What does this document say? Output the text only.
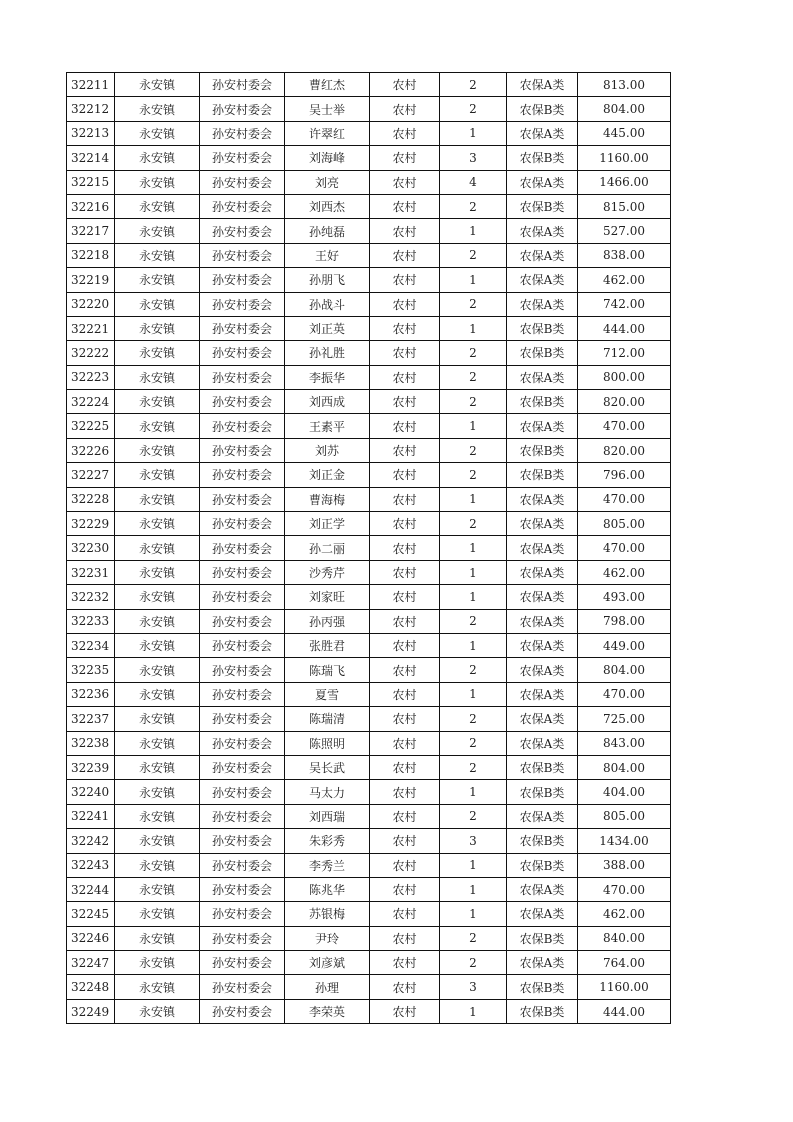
32211	永安镇	孙安村委会	曹红杰	农村	2	农保A类	813.00
32212	永安镇	孙安村委会	吴士举	农村	2	农保B类	804.00
32213	永安镇	孙安村委会	许翠红	农村	1	农保A类	445.00
32214	永安镇	孙安村委会	刘海峰	农村	3	农保B类	1160.00
32215	永安镇	孙安村委会	刘亮	农村	4	农保A类	1466.00
32216	永安镇	孙安村委会	刘西杰	农村	2	农保B类	815.00
32217	永安镇	孙安村委会	孙纯磊	农村	1	农保A类	527.00
32218	永安镇	孙安村委会	王好	农村	2	农保A类	838.00
32219	永安镇	孙安村委会	孙朋飞	农村	1	农保A类	462.00
32220	永安镇	孙安村委会	孙战斗	农村	2	农保A类	742.00
32221	永安镇	孙安村委会	刘正英	农村	1	农保B类	444.00
32222	永安镇	孙安村委会	孙礼胜	农村	2	农保B类	712.00
32223	永安镇	孙安村委会	李振华	农村	2	农保A类	800.00
32224	永安镇	孙安村委会	刘西成	农村	2	农保B类	820.00
32225	永安镇	孙安村委会	王素平	农村	1	农保A类	470.00
32226	永安镇	孙安村委会	刘苏	农村	2	农保B类	820.00
32227	永安镇	孙安村委会	刘正金	农村	2	农保B类	796.00
32228	永安镇	孙安村委会	曹海梅	农村	1	农保A类	470.00
32229	永安镇	孙安村委会	刘正学	农村	2	农保A类	805.00
32230	永安镇	孙安村委会	孙二丽	农村	1	农保A类	470.00
32231	永安镇	孙安村委会	沙秀芹	农村	1	农保A类	462.00
32232	永安镇	孙安村委会	刘家旺	农村	1	农保A类	493.00
32233	永安镇	孙安村委会	孙丙强	农村	2	农保A类	798.00
32234	永安镇	孙安村委会	张胜君	农村	1	农保A类	449.00
32235	永安镇	孙安村委会	陈瑞飞	农村	2	农保A类	804.00
32236	永安镇	孙安村委会	夏雪	农村	1	农保A类	470.00
32237	永安镇	孙安村委会	陈瑞清	农村	2	农保A类	725.00
32238	永安镇	孙安村委会	陈照明	农村	2	农保A类	843.00
32239	永安镇	孙安村委会	吴长武	农村	2	农保B类	804.00
32240	永安镇	孙安村委会	马太力	农村	1	农保B类	404.00
32241	永安镇	孙安村委会	刘西瑞	农村	2	农保A类	805.00
32242	永安镇	孙安村委会	朱彩秀	农村	3	农保B类	1434.00
32243	永安镇	孙安村委会	李秀兰	农村	1	农保B类	388.00
32244	永安镇	孙安村委会	陈兆华	农村	1	农保A类	470.00
32245	永安镇	孙安村委会	苏银梅	农村	1	农保A类	462.00
32246	永安镇	孙安村委会	尹玲	农村	2	农保B类	840.00
32247	永安镇	孙安村委会	刘彦斌	农村	2	农保A类	764.00
32248	永安镇	孙安村委会	孙理	农村	3	农保B类	1160.00
32249	永安镇	孙安村委会	李荣英	农村	1	农保B类	444.00
